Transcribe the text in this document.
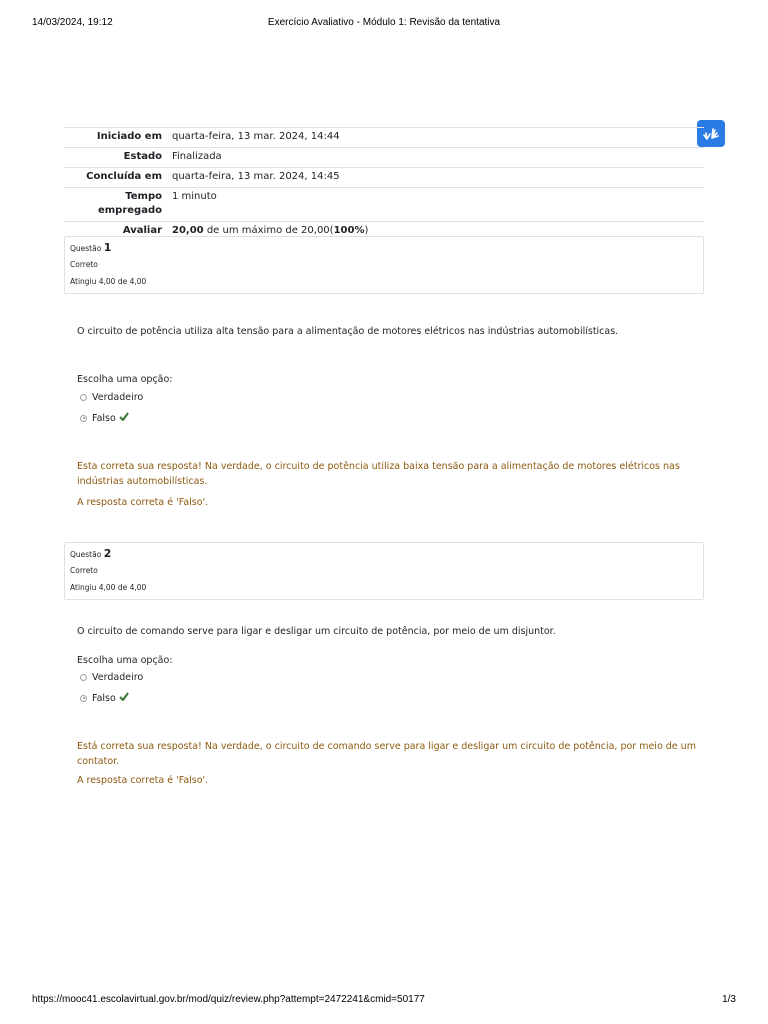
14/03/2024, 19:12	Exercício Avaliativo - Módulo 1: Revisão da tentativa
Iniciado em	quarta-feira, 13 mar. 2024, 14:44
Estado	Finalizada
Concluída em	quarta-feira, 13 mar. 2024, 14:45
Tempo
empregado	1 minuto
Avaliar	20,00 de um máximo de 20,00(100%)
Questão 1
Correto
Atingiu 4,00 de 4,00
O circuito de potência utiliza alta tensão para a alimentação de motores elétricos nas indústrias automobilísticas.
Escolha uma opção:
Verdadeiro
Falso
Esta correta sua resposta! Na verdade, o circuito de potência utiliza baixa tensão para a alimentação de motores elétricos nas indústrias automobilísticas.
A resposta correta é 'Falso'.
Questão 2
Correto
Atingiu 4,00 de 4,00
O circuito de comando serve para ligar e desligar um circuito de potência, por meio de um disjuntor.
Escolha uma opção:
Verdadeiro
Falso
Está correta sua resposta! Na verdade, o circuito de comando serve para ligar e desligar um circuito de potência, por meio de um contator.
A resposta correta é 'Falso'.
https://mooc41.escolavirtual.gov.br/mod/quiz/review.php?attempt=2472241&cmid=50177	1/3
